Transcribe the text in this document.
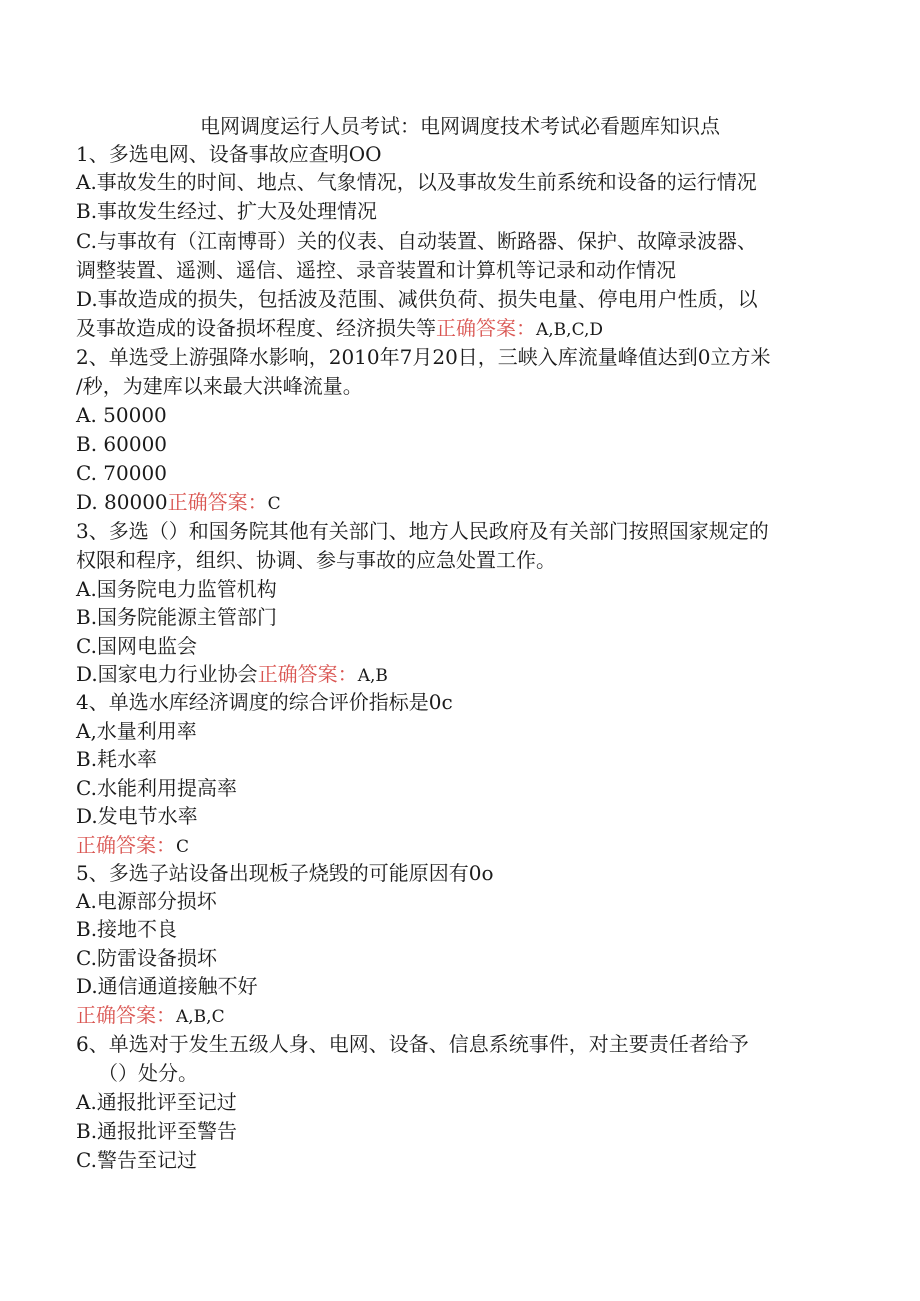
电网调度运行人员考试：电网调度技术考试必看题库知识点
1、多选电网、设备事故应查明OO
A.事故发生的时间、地点、气象情况，以及事故发生前系统和设备的运行情况
B.事故发生经过、扩大及处理情况
C.与事故有（江南博哥）关的仪表、自动装置、断路器、保护、故障录波器、
调整装置、遥测、遥信、遥控、录音装置和计算机等记录和动作情况
D.事故造成的损失，包括波及范围、减供负荷、损失电量、停电用户性质，以
及事故造成的设备损坏程度、经济损失等正确答案：A,B,C,D
2、单选受上游强降水影响，2010年7月20日，三峡入库流量峰值达到0立方米
/秒，为建库以来最大洪峰流量。
A. 50000
B. 60000
C. 70000
D. 80000正确答案：C
3、多选（）和国务院其他有关部门、地方人民政府及有关部门按照国家规定的
权限和程序，组织、协调、参与事故的应急处置工作。
A.国务院电力监管机构
B.国务院能源主管部门
C.国网电监会
D.国家电力行业协会正确答案：A,B
4、单选水库经济调度的综合评价指标是0c
A,水量利用率
B.耗水率
C.水能利用提高率
D.发电节水率
正确答案：C
5、多选子站设备出现板子烧毁的可能原因有0o
A.电源部分损坏
B.接地不良
C.防雷设备损坏
D.通信通道接触不好
正确答案：A,B,C
6、单选对于发生五级人身、电网、设备、信息系统事件，对主要责任者给予
（）处分。
A.通报批评至记过
B.通报批评至警告
C.警告至记过
